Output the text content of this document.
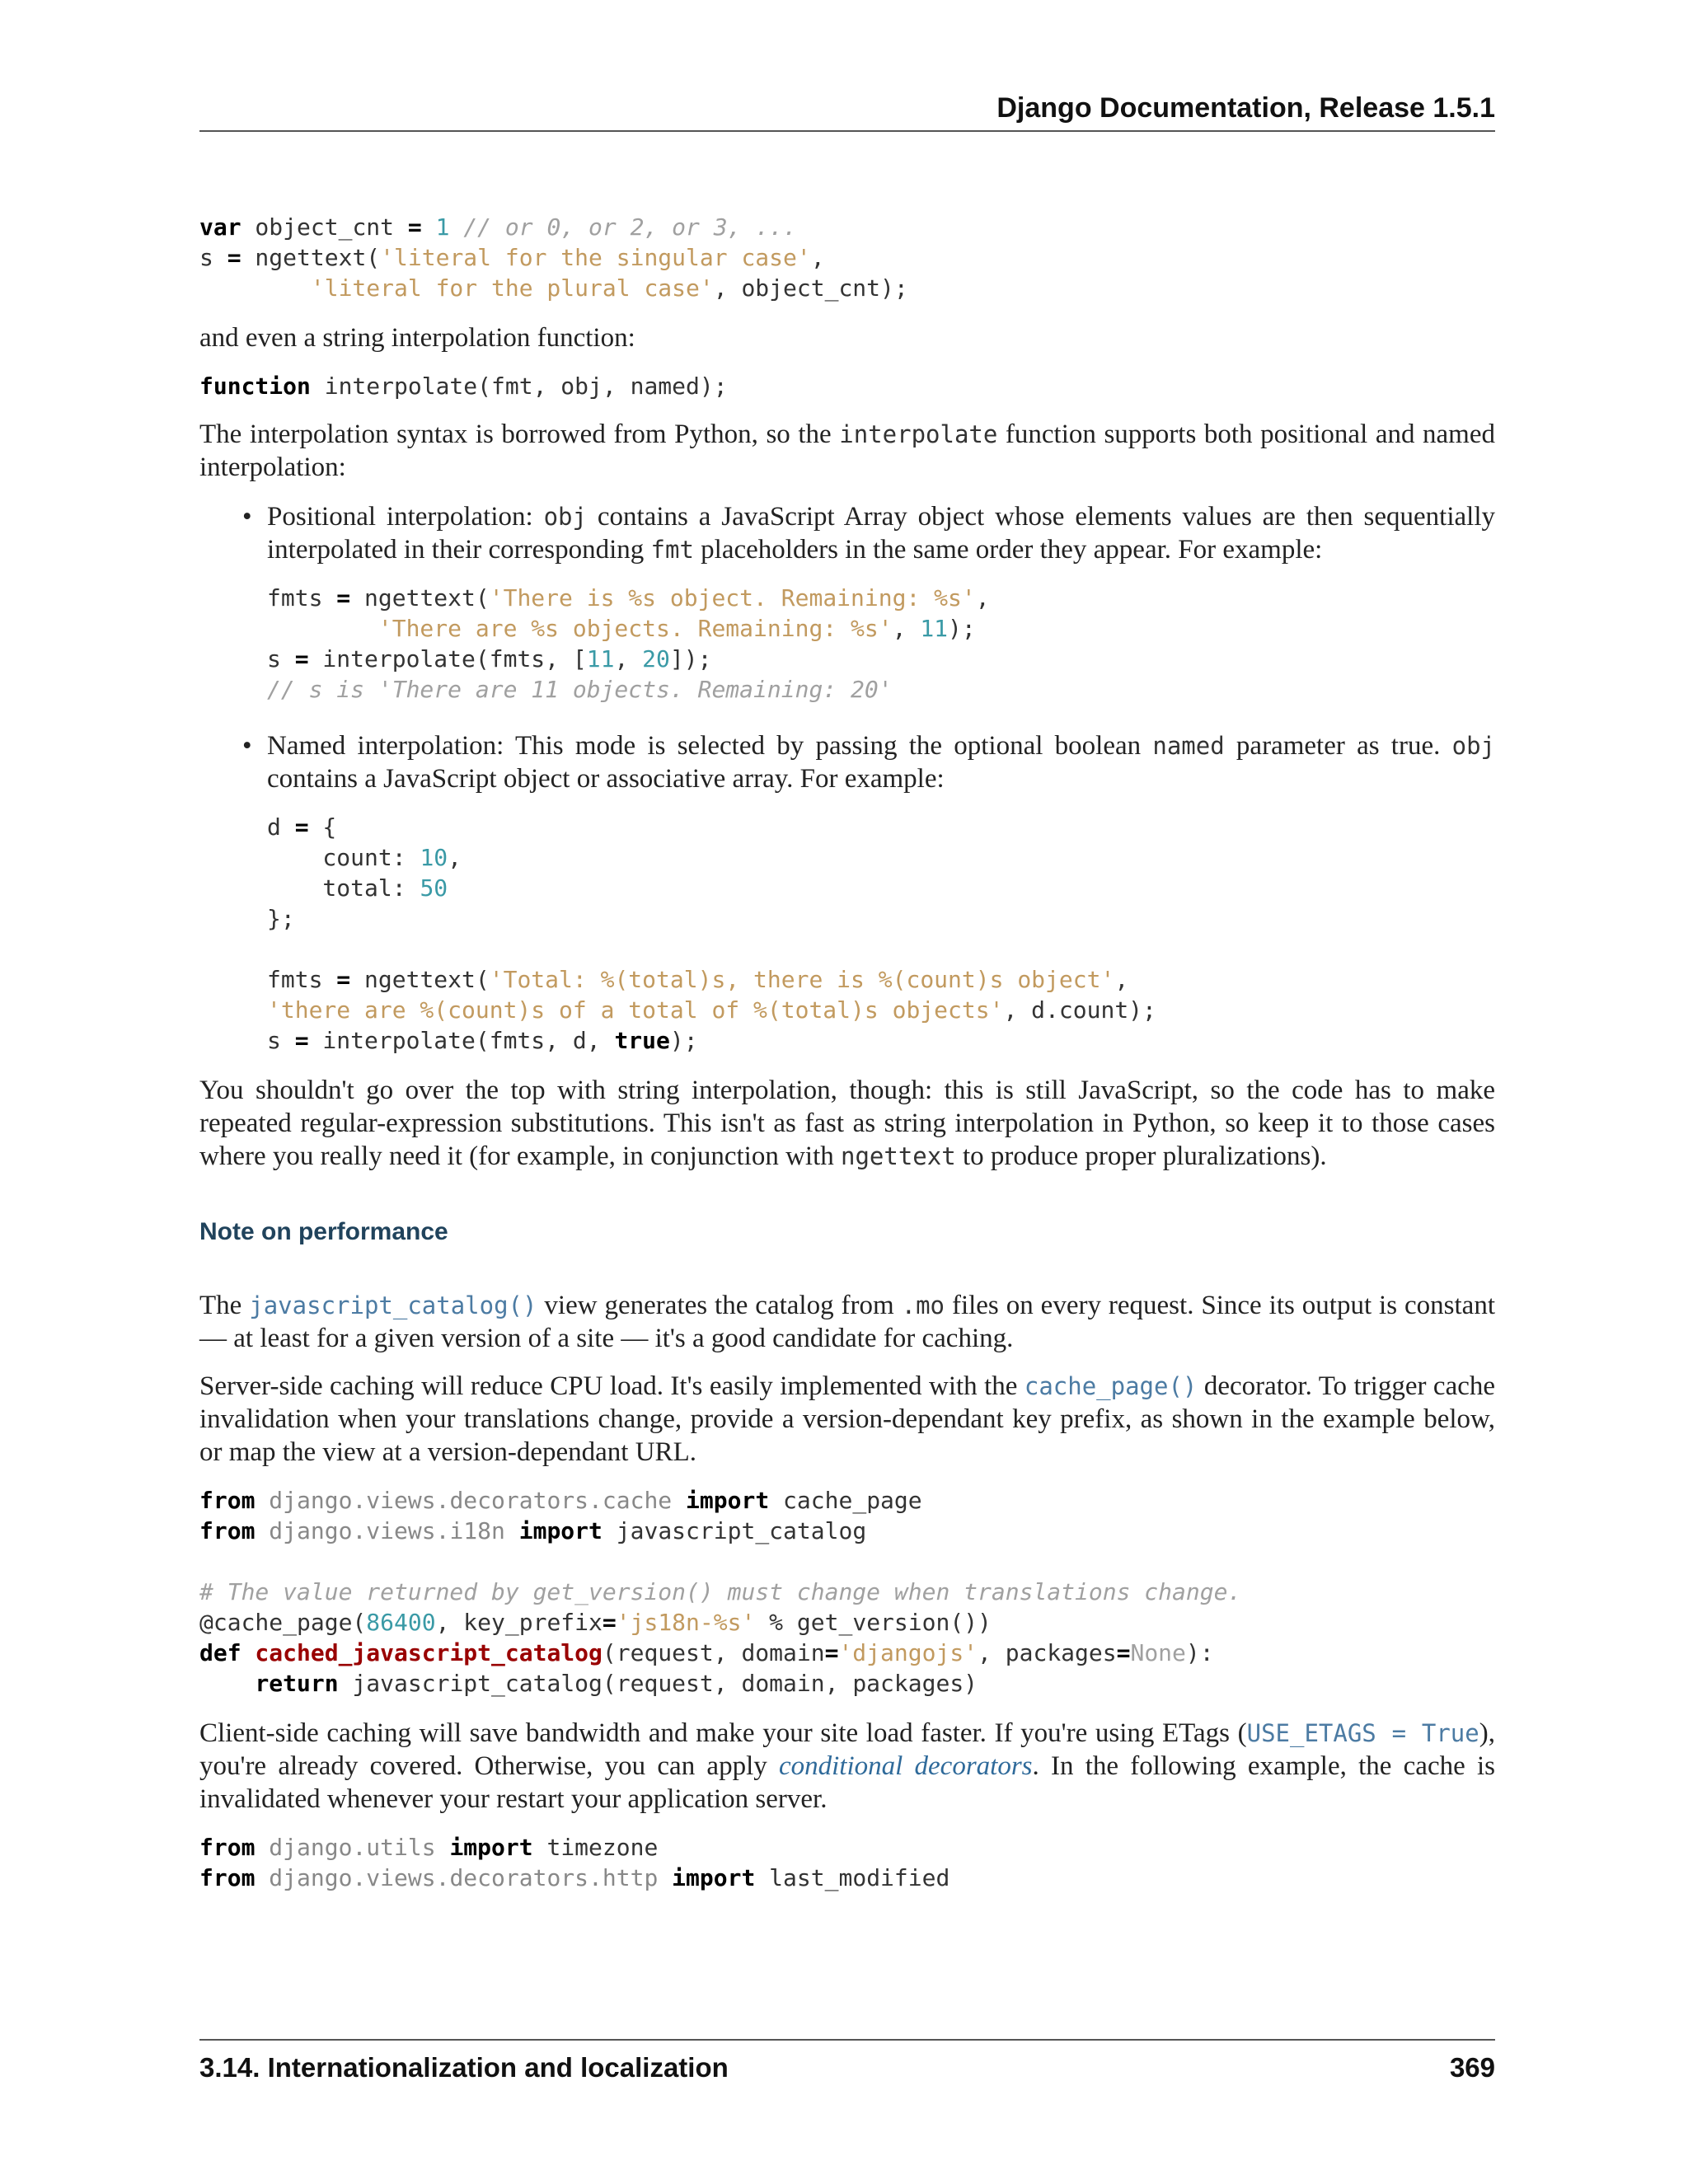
Django Documentation, Release 1.5.1
var object_cnt = 1 // or 0, or 2, or 3, ...
s = ngettext('literal for the singular case',
'literal for the plural case', object_cnt);

and even a string interpolation function:

function interpolate(fmt, obj, named);

The interpolation syntax is borrowed from Python, so the interpolate function supports both positional and named interpolation:

• Positional interpolation: obj contains a JavaScript Array object whose elements values are then sequentially interpolated in their corresponding fmt placeholders in the same order they appear. For example:

fmts = ngettext('There is %s object. Remaining: %s',
'There are %s objects. Remaining: %s', 11);
s = interpolate(fmts, [11, 20]);
// s is 'There are 11 objects. Remaining: 20'
• Named interpolation: This mode is selected by passing the optional boolean named parameter as true. obj contains a JavaScript object or associative array. For example:

d = {
count: 10,
total: 50
};

fmts = ngettext('Total: %(total)s, there is %(count)s object',
'there are %(count)s of a total of %(total)s objects', d.count);
s = interpolate(fmts, d, true);

You shouldn't go over the top with string interpolation, though: this is still JavaScript, so the code has to make repeated regular-expression substitutions. This isn't as fast as string interpolation in Python, so keep it to those cases where you really need it (for example, in conjunction with ngettext to produce proper pluralizations).

Note on performance

The javascript_catalog() view generates the catalog from .mo files on every request. Since its output is constant — at least for a given version of a site — it's a good candidate for caching.

Server-side caching will reduce CPU load. It's easily implemented with the cache_page() decorator. To trigger cache invalidation when your translations change, provide a version-dependant key prefix, as shown in the example below, or map the view at a version-dependant URL.

from django.views.decorators.cache import cache_page
from django.views.i18n import javascript_catalog

# The value returned by get_version() must change when translations change.
@cache_page(86400, key_prefix='js18n-%s' % get_version())
def cached_javascript_catalog(request, domain='djangojs', packages=None):
return javascript_catalog(request, domain, packages)

Client-side caching will save bandwidth and make your site load faster. If you're using ETags (USE_ETAGS = True), you're already covered. Otherwise, you can apply conditional decorators. In the following example, the cache is invalidated whenever your restart your application server.

from django.utils import timezone
from django.views.decorators.http import last_modified
3.14. Internationalization and localization	369
